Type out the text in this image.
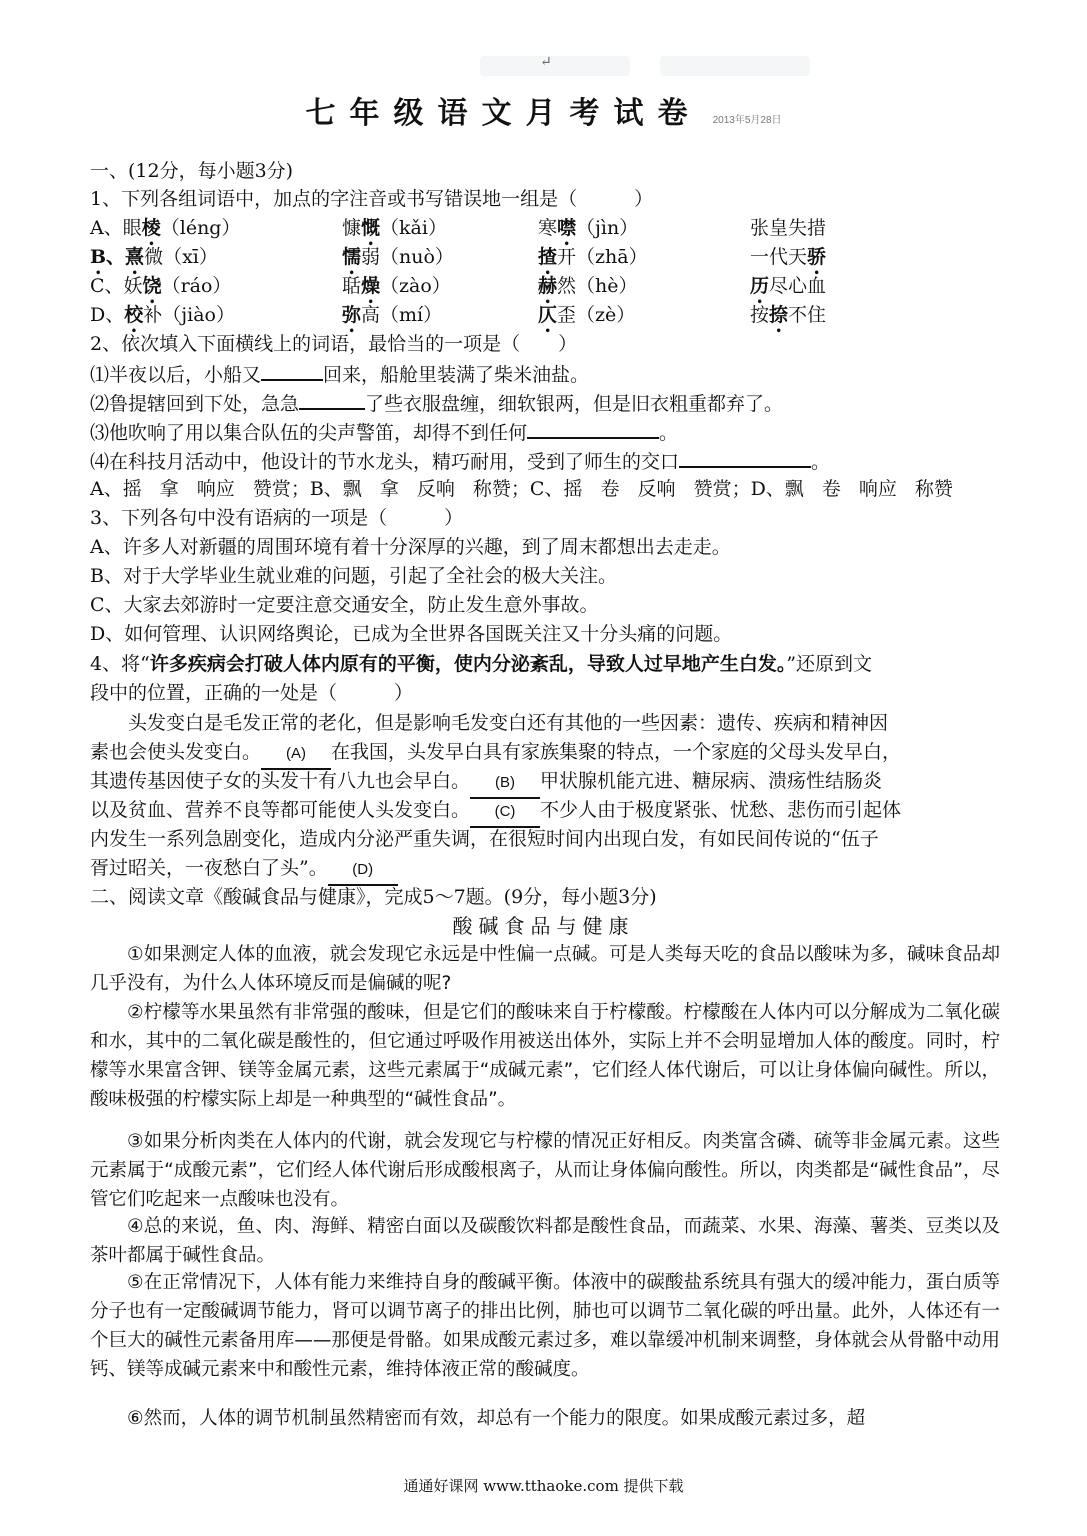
↵
七年级语文月考试卷 2013年5月28日
一、(12分，每小题3分)
1、下列各组词语中，加点的字注音或书写错误地一组是（　　　）
A、眼棱（léng）	慷慨（kǎi）	寒噤（jìn）	张皇失措
B、熹微（xī）	懦弱（nuò）	揸开（zhā）	一代天骄
C、妖饶（ráo）	聒燥（zào）	赫然（hè）	历尽心血
D、校补（jiào）	弥高（mí）	仄歪（zè）	按捺不住
2、依次填入下面横线上的词语，最恰当的一项是（　　）
⑴半夜以后，小船又	回来，船舱里装满了柴米油盐。
⑵鲁提辖回到下处，急急	了些衣服盘缠，细软银两，但是旧衣粗重都弃了。
⑶他吹响了用以集合队伍的尖声警笛，却得不到任何	。
⑷在科技月活动中，他设计的节水龙头，精巧耐用，受到了师生的交口	。
A、摇 拿 响应 赞赏；B、飘 拿 反响 称赞；C、摇 卷 反响 赞赏；D、飘 卷 响应 称赞
3、下列各句中没有语病的一项是（　　　）
A、许多人对新疆的周围环境有着十分深厚的兴趣，到了周末都想出去走走。
B、对于大学毕业生就业难的问题，引起了全社会的极大关注。
C、大家去郊游时一定要注意交通安全，防止发生意外事故。
D、如何管理、认识网络舆论，已成为全世界各国既关注又十分头痛的问题。
4、将“许多疾病会打破人体内原有的平衡，使内分泌紊乱，导致人过早地产生白发。”还原到文
段中的位置，正确的一处是（　　　）
头发变白是毛发正常的老化，但是影响毛发变白还有其他的一些因素：遗传、疾病和精神因
素也会使头发变白。 (A) 在我国，头发早白具有家族集聚的特点，一个家庭的父母头发早白，
其遗传基因使子女的头发十有八九也会早白。 (B) 甲状腺机能亢进、糖尿病、溃疡性结肠炎
以及贫血、营养不良等都可能使人头发变白。 (C) 不少人由于极度紧张、忧愁、悲伤而引起体
内发生一系列急剧变化，造成内分泌严重失调，在很短时间内出现白发，有如民间传说的“伍子
胥过昭关，一夜愁白了头”。 (D)
二、阅读文章《酸碱食品与健康》，完成5～7题。(9分，每小题3分)
酸碱食品与健康
①如果测定人体的血液，就会发现它永远是中性偏一点碱。可是人类每天吃的食品以酸味为多，碱味食品却几乎没有，为什么人体环境反而是偏碱的呢?
②柠檬等水果虽然有非常强的酸味，但是它们的酸味来自于柠檬酸。柠檬酸在人体内可以分解成为二氧化碳和水，其中的二氧化碳是酸性的，但它通过呼吸作用被送出体外，实际上并不会明显增加人体的酸度。同时，柠檬等水果富含钾、镁等金属元素，这些元素属于“成碱元素”，它们经人体代谢后，可以让身体偏向碱性。所以，酸味极强的柠檬实际上却是一种典型的“碱性食品”。
③如果分析肉类在人体内的代谢，就会发现它与柠檬的情况正好相反。肉类富含磷、硫等非金属元素。这些元素属于“成酸元素”，它们经人体代谢后形成酸根离子，从而让身体偏向酸性。所以，肉类都是“碱性食品”，尽管它们吃起来一点酸味也没有。
④总的来说，鱼、肉、海鲜、精密白面以及碳酸饮料都是酸性食品，而蔬菜、水果、海藻、薯类、豆类以及茶叶都属于碱性食品。
⑤在正常情况下，人体有能力来维持自身的酸碱平衡。体液中的碳酸盐系统具有强大的缓冲能力，蛋白质等分子也有一定酸碱调节能力，肾可以调节离子的排出比例，肺也可以调节二氧化碳的呼出量。此外，人体还有一个巨大的碱性元素备用库——那便是骨骼。如果成酸元素过多，难以靠缓冲机制来调整，身体就会从骨骼中动用钙、镁等成碱元素来中和酸性元素，维持体液正常的酸碱度。
⑥然而，人体的调节机制虽然精密而有效，却总有一个能力的限度。如果成酸元素过多，超
通通好课网 www.tthaoke.com 提供下载
